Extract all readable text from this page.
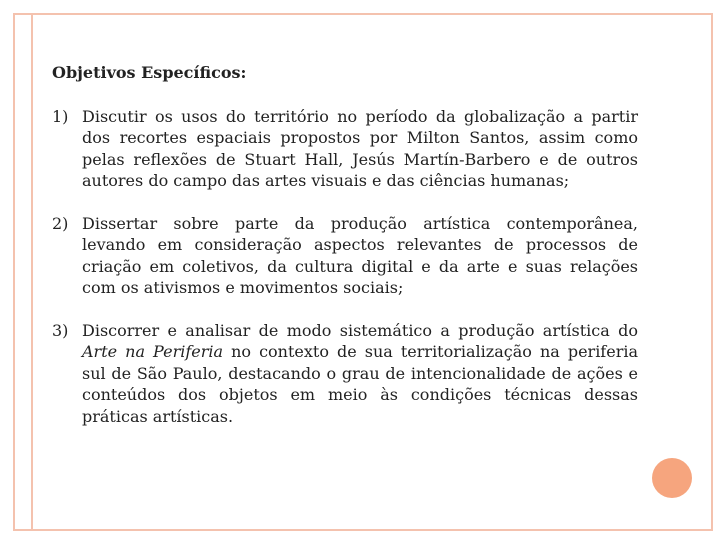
Objetivos Específicos:
1) Discutir os usos do território no período da globalização a partir dos recortes espaciais propostos por Milton Santos, assim como pelas reflexões de Stuart Hall, Jesús Martín-Barbero e de outros autores do campo das artes visuais e das ciências humanas;
2) Dissertar sobre parte da produção artística contemporânea, levando em consideração aspectos relevantes de processos de criação em coletivos, da cultura digital e da arte e suas relações com os ativismos e movimentos sociais;
3) Discorrer e analisar de modo sistemático a produção artística do Arte na Periferia no contexto de sua territorialização na periferia sul de São Paulo, destacando o grau de intencionalidade de ações e conteúdos dos objetos em meio às condições técnicas dessas práticas artísticas.
